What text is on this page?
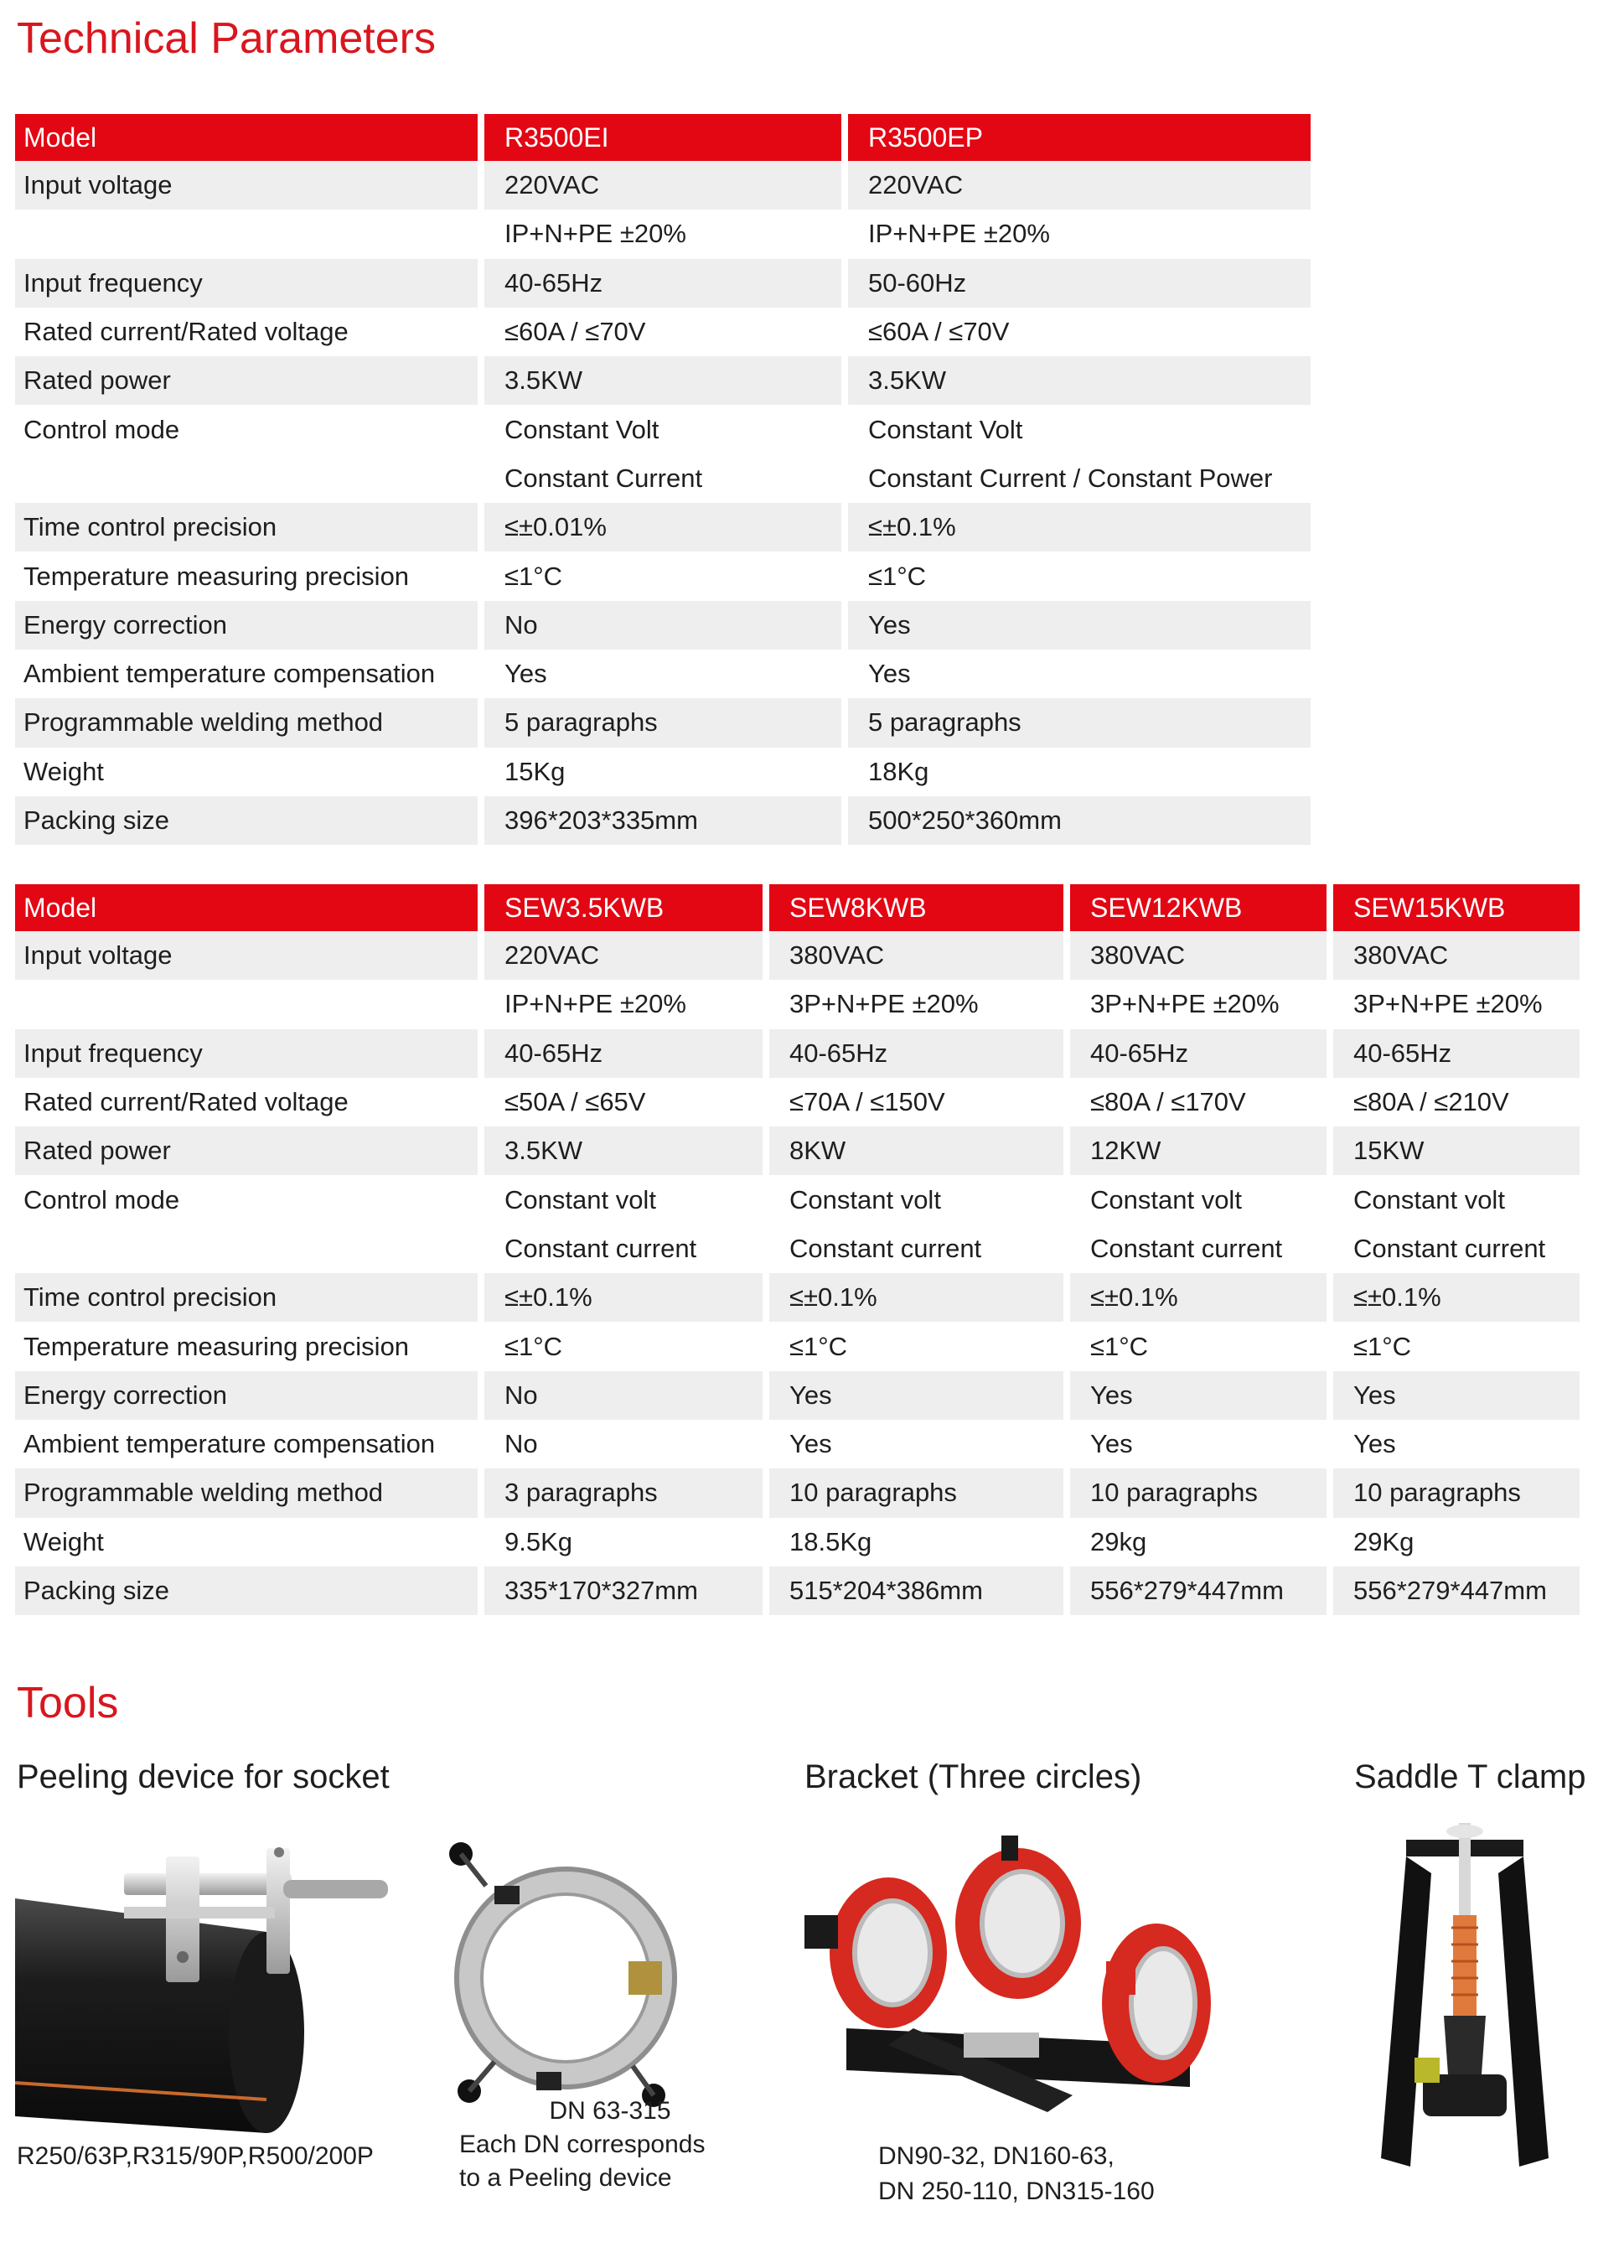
Technical Parameters
Model	R3500EI	R3500EP
Input voltage	220VAC	220VAC
	IP+N+PE ±20%	IP+N+PE ±20%
Input frequency	40-65Hz	50-60Hz
Rated current/Rated voltage	≤60A / ≤70V	≤60A / ≤70V
Rated power	3.5KW	3.5KW
Control mode	Constant Volt	Constant Volt
	Constant Current	Constant Current / Constant Power
Time control precision	≤±0.01%	≤±0.1%
Temperature measuring precision	≤1°C	≤1°C
Energy correction	No	Yes
Ambient temperature compensation	Yes	Yes
Programmable welding method	5 paragraphs	5 paragraphs
Weight	15Kg	18Kg
Packing size	396*203*335mm	500*250*360mm
Model	SEW3.5KWB	SEW8KWB	SEW12KWB	SEW15KWB
Input voltage	220VAC	380VAC	380VAC	380VAC
	IP+N+PE ±20%	3P+N+PE ±20%	3P+N+PE ±20%	3P+N+PE ±20%
Input frequency	40-65Hz	40-65Hz	40-65Hz	40-65Hz
Rated current/Rated voltage	≤50A / ≤65V	≤70A / ≤150V	≤80A / ≤170V	≤80A / ≤210V
Rated power	3.5KW	8KW	12KW	15KW
Control mode	Constant volt	Constant volt	Constant volt	Constant volt
	Constant current	Constant current	Constant current	Constant current
Time control precision	≤±0.1%	≤±0.1%	≤±0.1%	≤±0.1%
Temperature measuring precision	≤1°C	≤1°C	≤1°C	≤1°C
Energy correction	No	Yes	Yes	Yes
Ambient temperature compensation	No	Yes	Yes	Yes
Programmable welding method	3 paragraphs	10 paragraphs	10 paragraphs	10 paragraphs
Weight	9.5Kg	18.5Kg	29kg	29Kg
Packing size	335*170*327mm	515*204*386mm	556*279*447mm	556*279*447mm
Tools
Peeling device for socket
R250/63P,R315/90P,R500/200P
DN 63-315
Each DN corresponds
to a Peeling device
Bracket (Three circles)
DN90-32, DN160-63,
DN 250-110, DN315-160
Saddle T clamp
